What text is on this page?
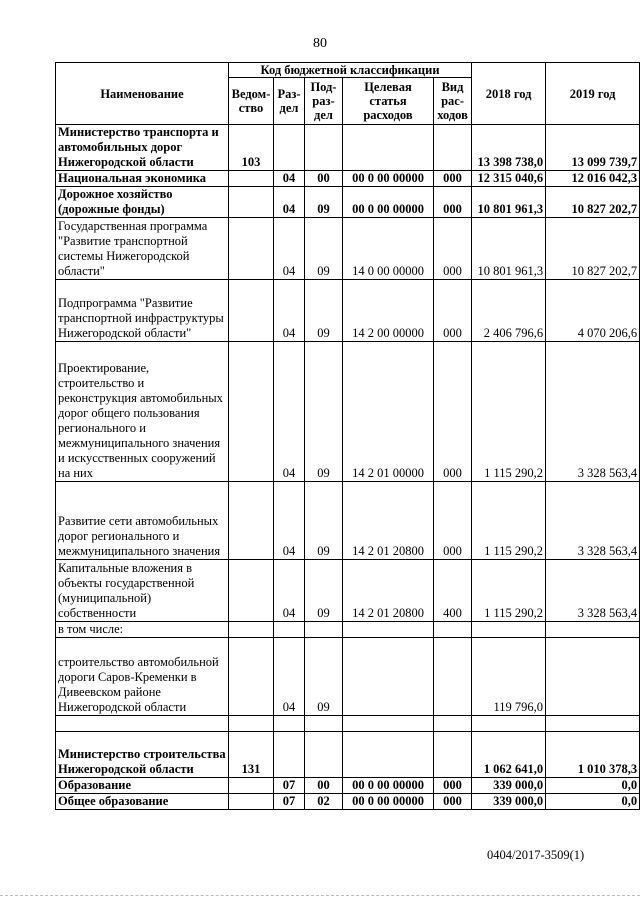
80
Наименование	Код бюджетной классификации					2018 год	2019 год
	Ведом-ство	Раз-дел	Под-раз-дел	Целевая статья расходов	Вид рас-ходов		
Министерство транспорта и автомобильных дорог Нижегородской области	103					13 398 738,0	13 099 739,7
Национальная экономика		04	00	00 0 00 00000	000	12 315 040,6	12 016 042,3
Дорожное хозяйство (дорожные фонды)		04	09	00 0 00 00000	000	10 801 961,3	10 827 202,7
Государственная программа "Развитие транспортной системы Нижегородской области"		04	09	14 0 00 00000	000	10 801 961,3	10 827 202,7
Подпрограмма "Развитие транспортной инфраструктуры Нижегородской области"		04	09	14 2 00 00000	000	2 406 796,6	4 070 206,6
Проектирование, строительство и реконструкция автомобильных дорог общего пользования регионального и межмуниципального значения и искусственных сооружений на них		04	09	14 2 01 00000	000	1 115 290,2	3 328 563,4
Развитие сети автомобильных дорог регионального и межмуниципального значения		04	09	14 2 01 20800	000	1 115 290,2	3 328 563,4
Капитальные вложения в объекты государственной (муниципальной) собственности		04	09	14 2 01 20800	400	1 115 290,2	3 328 563,4
в том числе:							
строительство автомобильной дороги Саров-Кременки в Дивеевском районе Нижегородской области		04	09			119 796,0	

Министерство строительства Нижегородской области	131					1 062 641,0	1 010 378,3
Образование		07	00	00 0 00 00000	000	339 000,0	0,0
Общее образование		07	02	00 0 00 00000	000	339 000,0	0,0
0404/2017-3509(1)
